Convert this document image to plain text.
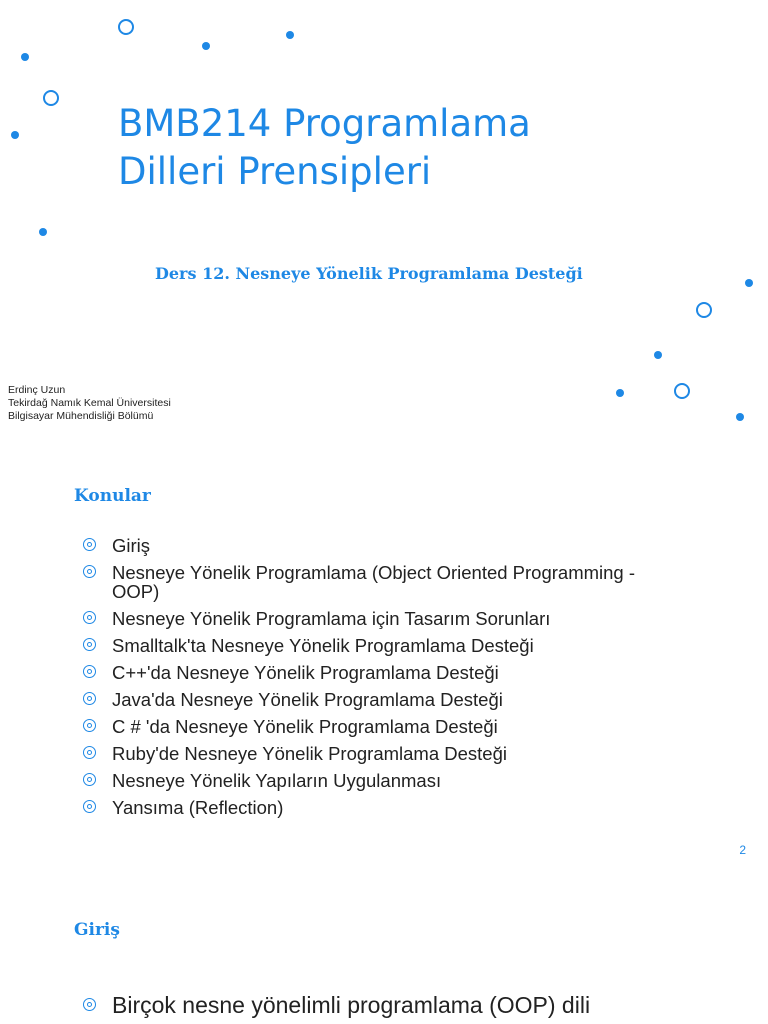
BMB214 Programlama
Dilleri Prensipleri
Ders 12. Nesneye Yönelik Programlama Desteği
Erdinç Uzun
Tekirdağ Namık Kemal Üniversitesi
Bilgisayar Mühendisliği Bölümü
Konular
Giriş
Nesneye Yönelik Programlama (Object Oriented Programming - OOP)
Nesneye Yönelik Programlama için Tasarım Sorunları
Smalltalk'ta Nesneye Yönelik Programlama Desteği
C++'da Nesneye Yönelik Programlama Desteği
Java'da Nesneye Yönelik Programlama Desteği
C # 'da Nesneye Yönelik Programlama Desteği
Ruby'de Nesneye Yönelik Programlama Desteği
Nesneye Yönelik Yapıların Uygulanması
Yansıma (Reflection)
2
Giriş
Birçok nesne yönelimli programlama (OOP) dili
